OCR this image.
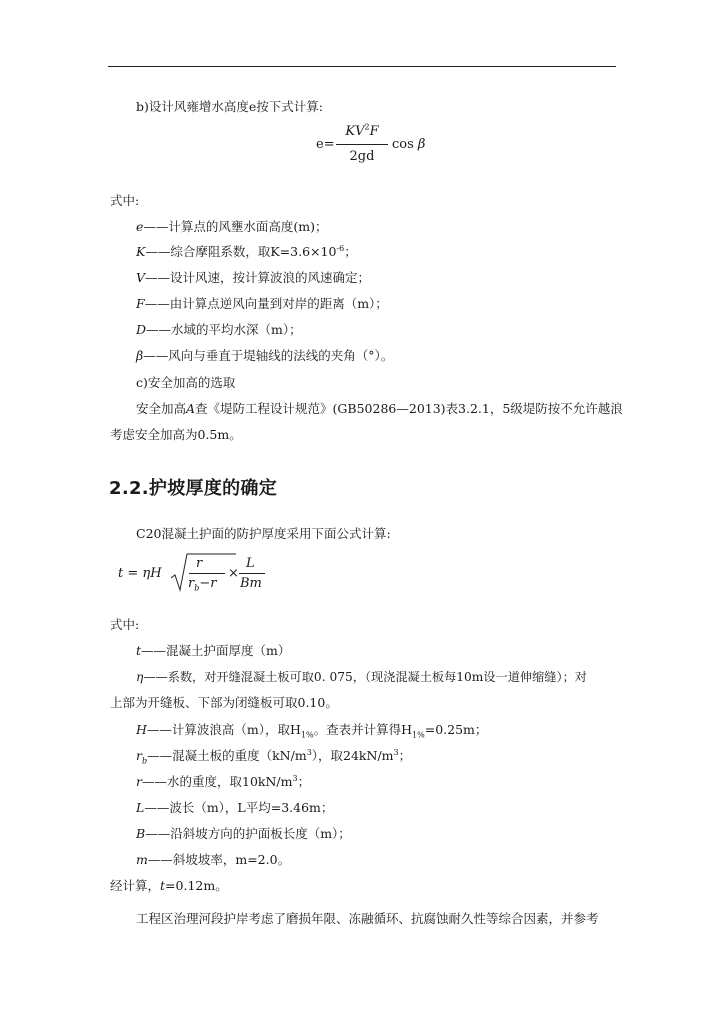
b)设计风雍增水高度e按下式计算:
e=
$KV^2F$
2gd
cos β
式中:
e——计算点的风壅水面高度(m)；
K——综合摩阻系数，取$K=3.6\times 10^{-6}$；
V——设计风速，按计算波浪的风速确定；
F——由计算点逆风向量到对岸的距离（m）；
D——水域的平均水深（m）；
β——风向与垂直于堤轴线的法线的夹角（°）。
c)安全加高的选取
安全加高A查《堤防工程设计规范》(GB50286—2013)表3.2.1，5级堤防按不允许越浪
考虑安全加高为0.5m。
2.2.护坡厚度的确定
C20混凝土护面的防护厚度采用下面公式计算:
t = ηH
r
$r_b-r$
×
L
Bm
式中:
t——混凝土护面厚度（m）
η——系数，对开缝混凝土板可取0. 075，（现浇混凝土板每10m设一道伸缩缝）；对
上部为开缝板、下部为闭缝板可取0.10。
H——计算波浪高（m），取$H_{1\%}$。查表并计算得$H_{1\%}=0.25m$；
$r_b——$混凝土板的重度$(kN/m^3)$，取$24kN/m^3$；
r——水的重度，取$10kN/m^3$；
L——波长（m），L平均=3.46m；
B——沿斜坡方向的护面板长度（m）；
m——斜坡坡率，m=2.0。
经计算，t=0.12m。
工程区治理河段护岸考虑了磨损年限、冻融循环、抗腐蚀耐久性等综合因素，并参考
